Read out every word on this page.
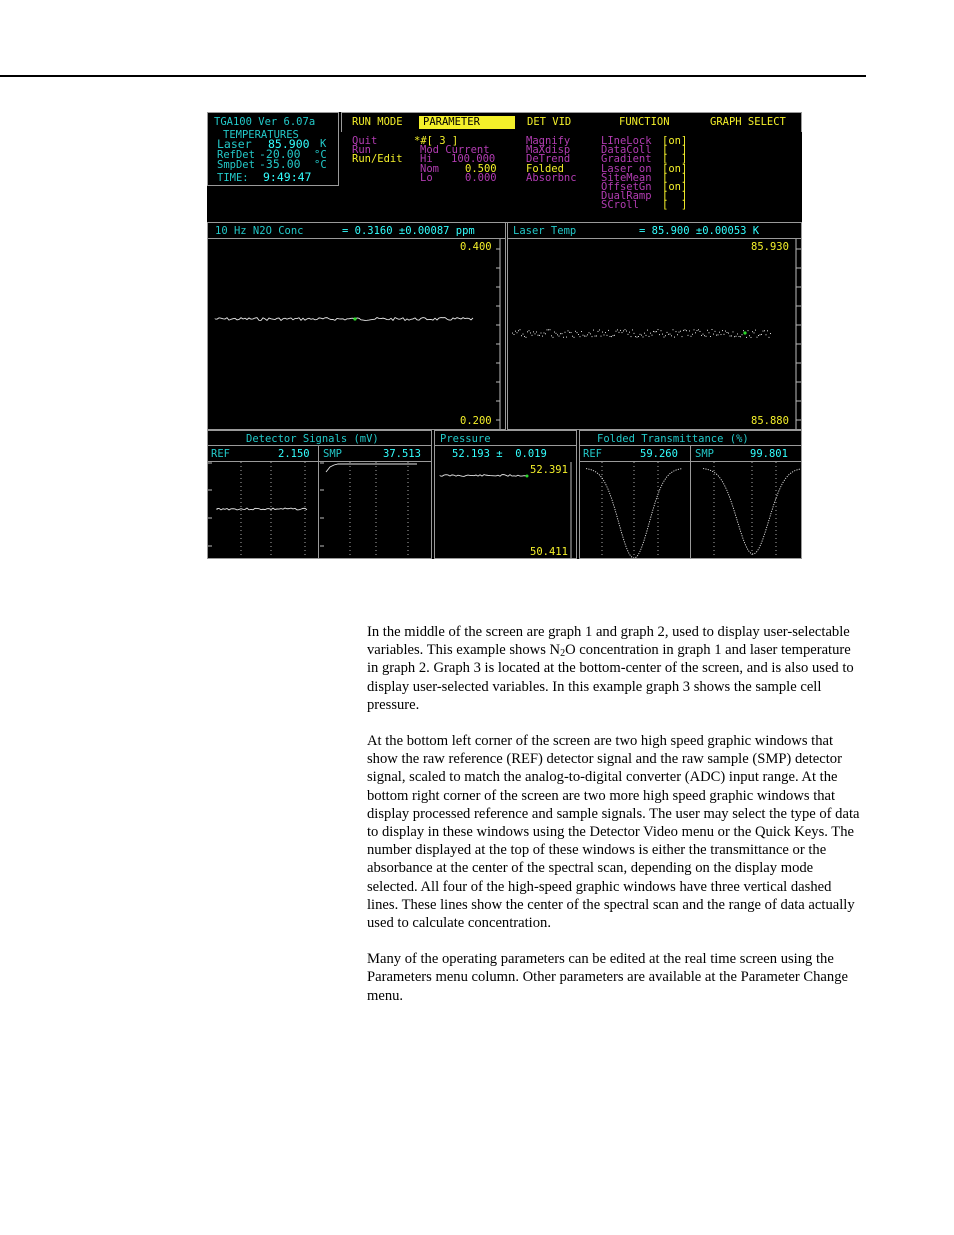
TGA100 Ver 6.07a
TEMPERATURES
Laser 85.900 K
RefDet -20.00 °C
SmpDet -35.00 °C
TIME: 9:49:47
RUN MODE	PARAMETER	DET VID	FUNCTION	GRAPH SELECT
Quit
Run
Run/Edit
*#[ 3 ]
Mod Current
Hi 100.000
Nom 0.500
Lo	0.000
Magnify
MaXdisp
DeTrend
Folded
Absorbnc
LIneLock [on]
DataColl [  ]
Gradient [  ]
Laser on [on]
SiteMean [  ]
OffsetGn [on]
DualRamp [  ]
SCroll [  ]
10 Hz N2O Conc	= 0.3160 ±0.00087 ppm
0.400
0.200
Laser Temp	= 85.900 ±0.00053 K
85.930
85.880
Detector Signals (mV)
REF	2.150 SMP	37.513
Pressure
52.193 ±  0.019
52.391
50.411
Folded Transmittance (%)
REF	59.260 SMP	99.801

In the middle of the screen are graph 1 and graph 2, used to display user-selectable variables. This example shows $N_2O$ concentration in graph 1 and laser temperature in graph 2. Graph 3 is located at the bottom-center of the screen, and is also used to display user-selected variables. In this example graph 3 shows the sample cell pressure.

At the bottom left corner of the screen are two high speed graphic windows that show the raw reference (REF) detector signal and the raw sample (SMP) detector signal, scaled to match the analog-to-digital converter (ADC) input range. At the bottom right corner of the screen are two more high speed graphic windows that display processed reference and sample signals. The user may select the type of data to display in these windows using the Detector Video menu or the Quick Keys. The number displayed at the top of these windows is either the transmittance or the absorbance at the center of the spectral scan, depending on the display mode selected. All four of the high-speed graphic windows have three vertical dashed lines. These lines show the center of the spectral scan and the range of data actually used to calculate concentration.

Many of the operating parameters can be edited at the real time screen using the Parameters menu column. Other parameters are available at the Parameter Change menu.
